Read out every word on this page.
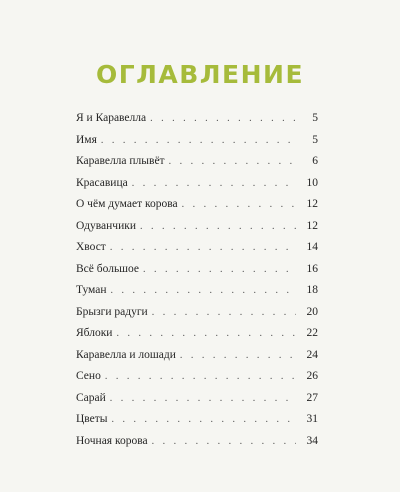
ОГЛАВЛЕНИЕ
Я и Каравелла . . .	5
Имя . . .	5
Каравелла плывёт . . .	6
Красавица . . .	10
О чём думает корова . . .	12
Одуванчики . . .	12
Хвост . . .	14
Всё большое . . .	16
Туман . . .	18
Брызги радуги . . .	20
Яблоки . . .	22
Каравелла и лошади . . .	24
Сено . . .	26
Сарай . . .	27
Цветы . . .	31
Ночная корова . . .	34
